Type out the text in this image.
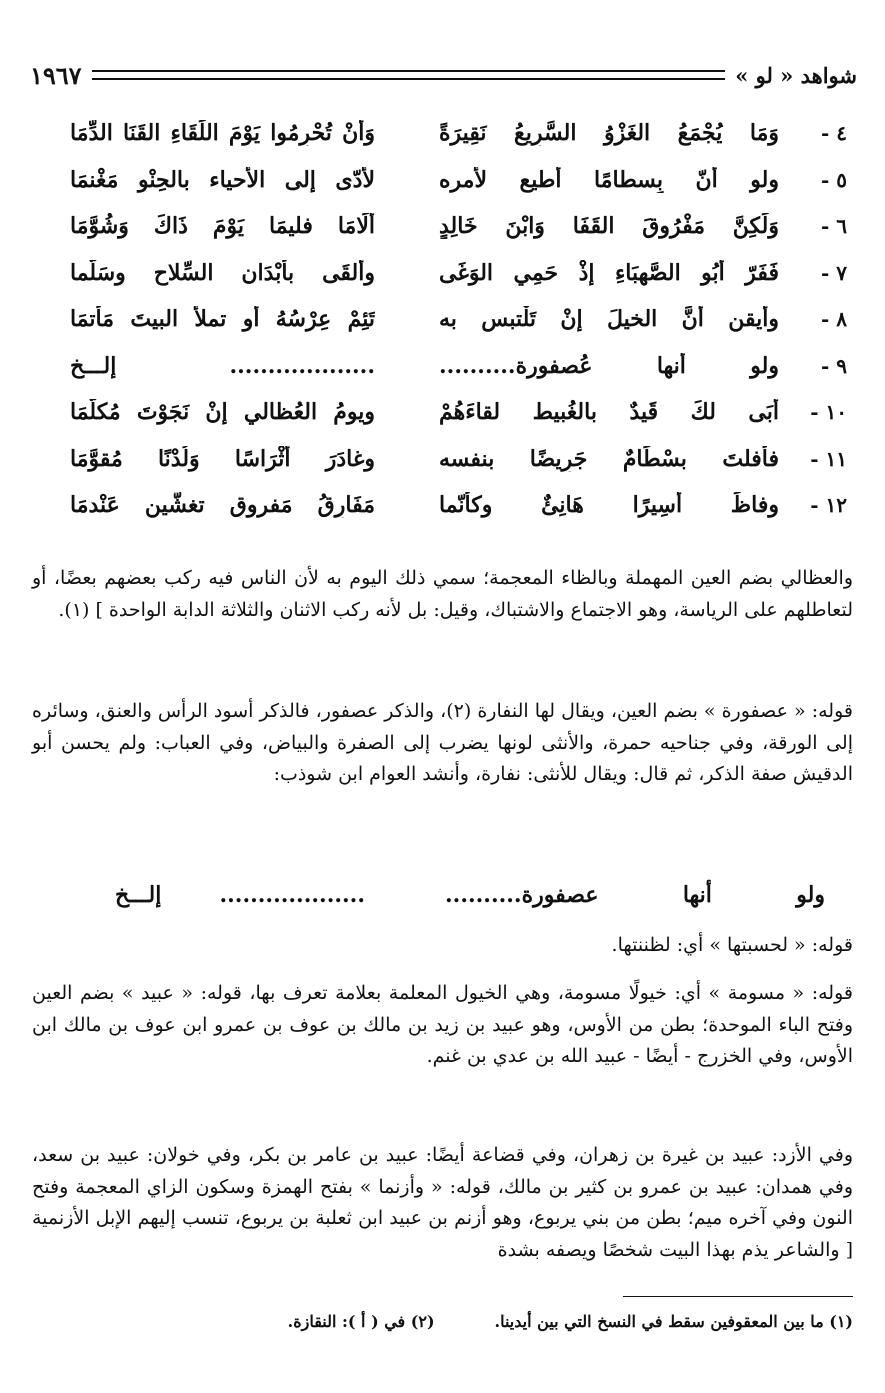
شواهد « لو »
١٩٦٧
٤ -
وَمَا يُجْمَعُ الغَزْوُ السَّرِيعُ نَقِيرَةً
وَأَنْ تُحْرِمُوا يَوْمَ اللِّقَاءِ القَنَا الدِّمَا
٥ -
ولو أنّ بِسطامًا أُطيع لأمره
لأدّى إلى الأحياء بالحِنْو مَغْنمَا
٦ -
وَلَكِنَّ مَفْرُوقَ القَفَا وَابْنَ خَالِدٍ
أَلَامَا فليمَا يَوْمَ ذَاكَ وَشُوَّمَا
٧ -
فَفَرّ أبُو الصَّهبَاءِ إِذْ حَمِي الوَغَى
وألقَى بأبْدَان السِّلاح وسَلَّما
٨ -
وأيقن أنَّ الخيلَ إنْ تَلْتبس به
تَئِمْ عِرْسُهُ أو تملأ البيتَ مَأْتمَا
٩ -
ولو أنها عُصفورة..........
................... إلـــخ
١٠ -
أبَى لكَ قَيدٌ بالغُبيط لقاءَهُمْ
ويومُ العُظالي إنْ نَجَوْتَ مُكلَّمَا
١١ -
فأفلتَ بسْطَامٌ جَرِيضًا بنفسه
وغادَرَ أثْرَاسًا وَلُدْنًا مُقوَّمَا
١٢ -
وفاظَ أَسِيرًا هَانِئٌ وكأنّما
مَفَارِقُ مَفروقٍ تغشَّين عَنْدمَا
والعظالي بضم العين المهملة وبالظاء المعجمة؛ سمي ذلك اليوم به لأن الناس فيه ركب بعضهم بعضًا، أو لتعاطلهم على الرياسة، وهو الاجتماع والاشتباك، وقيل: بل لأنه ركب الاثنان والثلاثة الدابة الواحدة ] (١).
قوله: « عصفورة » بضم العين، ويقال لها النفارة (٢)، والذكر عصفور، فالذكر أسود الرأس والعنق، وسائره إلى الورقة، وفي جناحيه حمرة، والأنثى لونها يضرب إلى الصفرة والبياض، وفي العباب: ولم يحسن أبو الدقيش صفة الذكر، ثم قال: ويقال للأنثى: نفارة، وأنشد العوام ابن شوذب:
ولو أنها عصفورة..........
................... إلـــخ
قوله: « لحسبتها » أي: لظننتها.
قوله: « مسومة » أي: خيولًا مسومة، وهي الخيول المعلمة بعلامة تعرف بها، قوله: « عبيد » بضم العين وفتح الباء الموحدة؛ بطن من الأوس، وهو عبيد بن زيد بن مالك بن عوف بن عمرو ابن عوف بن مالك ابن الأوس، وفي الخزرج - أيضًا - عبيد الله بن عدي بن غنم.
وفي الأزد: عبيد بن غيرة بن زهران، وفي قضاعة أيضًا: عبيد بن عامر بن بكر، وفي خولان: عبيد بن سعد، وفي همدان: عبيد بن عمرو بن كثير بن مالك، قوله: « وأزنما » بفتح الهمزة وسكون الزاي المعجمة وفتح النون وفي آخره ميم؛ بطن من بني يربوع، وهو أزنم بن عبيد ابن ثعلبة بن يربوع، تنسب إليهم الإبل الأزنمية [ والشاعر يذم بهذا البيت شخصًا ويصفه بشدة
(١) ما بين المعقوفين سقط في النسخ التي بين أيدينا.
(٢) في ( أ ): النقازة.
